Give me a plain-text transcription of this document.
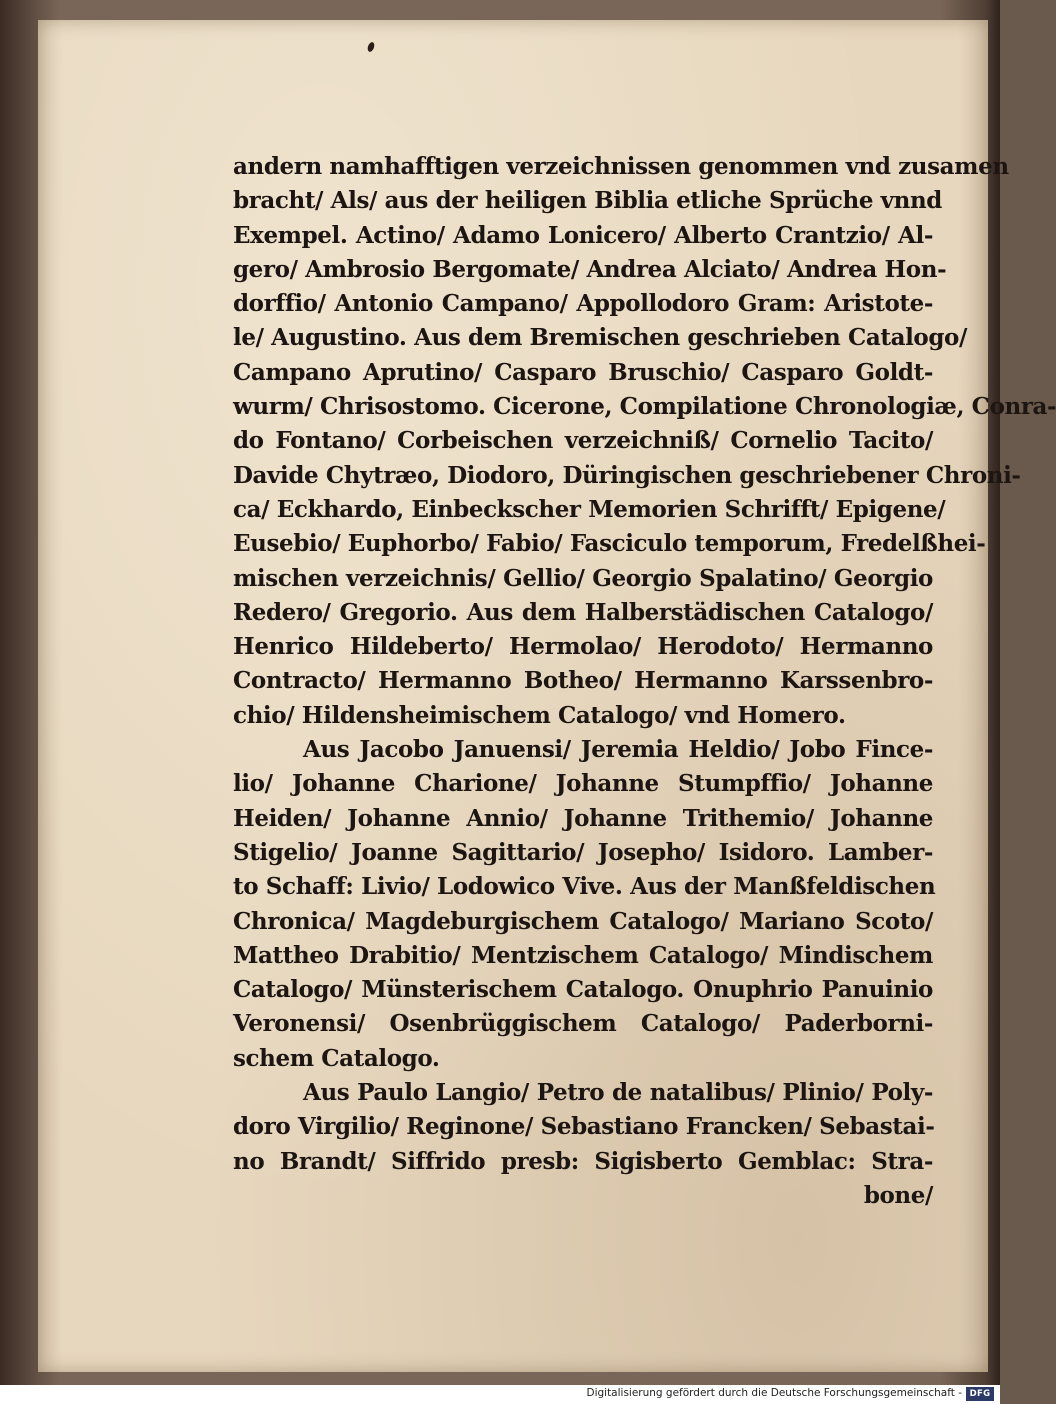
andern namhafftigen verzeichnissen genommen vnd zusamen
bracht/ Als/ aus der heiligen Biblia etliche Sprüche vnnd
Exempel. Actino/ Adamo Lonicero/ Alberto Crantzio/ Al-
gero/ Ambrosio Bergomate/ Andrea Alciato/ Andrea Hon-
dorffio/ Antonio Campano/ Appollodoro Gram: Aristote-
le/ Augustino. Aus dem Bremischen geschrieben Catalogo/
Campano Aprutino/ Casparo Bruschio/ Casparo Goldt-
wurm/ Chrisostomo. Cicerone, Compilatione Chronologiæ, Conra-
do Fontano/ Corbeischen verzeichniß/ Cornelio Tacito/
Davide Chytræo, Diodoro, Düringischen geschriebener Chroni-
ca/ Eckhardo, Einbeckscher Memorien Schrifft/ Epigene/
Eusebio/ Euphorbo/ Fabio/ Fasciculo temporum, Fredelßhei-
mischen verzeichnis/ Gellio/ Georgio Spalatino/ Georgio
Redero/ Gregorio. Aus dem Halberstädischen Catalogo/
Henrico Hildeberto/ Hermolao/ Herodoto/ Hermanno
Contracto/ Hermanno Botheo/ Hermanno Karssenbro-
chio/ Hildensheimischem Catalogo/ vnd Homero.
Aus Jacobo Januensi/ Jeremia Heldio/ Jobo Fince-
lio/ Johanne Charione/ Johanne Stumpffio/ Johanne
Heiden/ Johanne Annio/ Johanne Trithemio/ Johanne
Stigelio/ Joanne Sagittario/ Josepho/ Isidoro. Lamber-
to Schaff: Livio/ Lodowico Vive. Aus der Manßfeldischen
Chronica/ Magdeburgischem Catalogo/ Mariano Scoto/
Mattheo Drabitio/ Mentzischem Catalogo/ Mindischem
Catalogo/ Münsterischem Catalogo. Onuphrio Panuinio
Veronensi/ Osenbrüggischem Catalogo/ Paderborni-
schem Catalogo.
Aus Paulo Langio/ Petro de natalibus/ Plinio/ Poly-
doro Virgilio/ Reginone/ Sebastiano Francken/ Sebastai-
no Brandt/ Siffrido presb: Sigisberto Gemblac: Stra-
bone/
Digitalisierung gefördert durch die Deutsche Forschungsgemeinschaft - DFG
